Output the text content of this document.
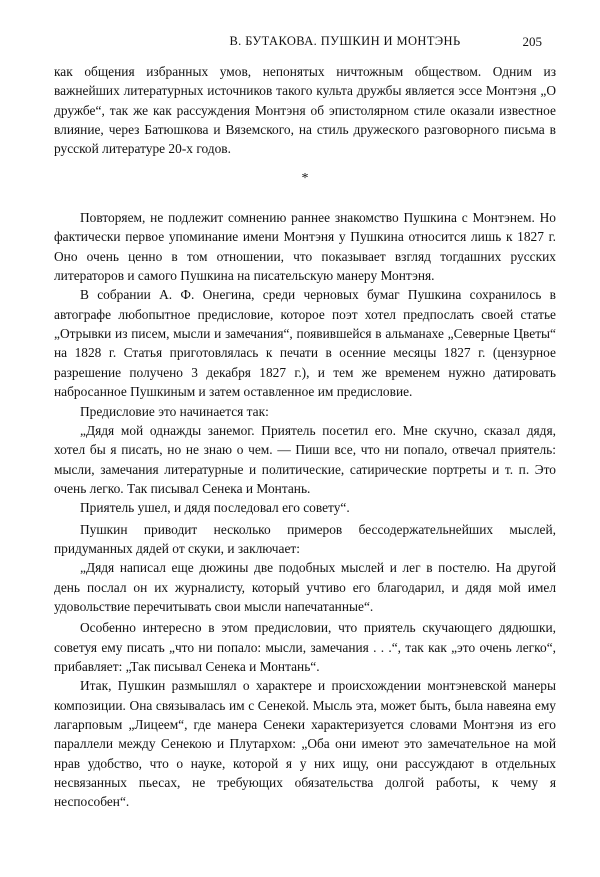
В. БУТАКОВА. ПУШКИН И МОНТЭНЬ	205

как общения избранных умов, непонятых ничтожным обществом. Одним из важнейших литературных источников такого культа дружбы является эссе Монтэня „О дружбе“, так же как рассуждения Монтэня об эпистолярном стиле оказали известное влияние, через Батюшкова и Вяземского, на стиль дружеского разговорного письма в русской литературе 20-х годов.

*

Повторяем, не подлежит сомнению раннее знакомство Пушкина с Монтэнем. Но фактически первое упоминание имени Монтэня у Пушкина относится лишь к 1827 г. Оно очень ценно в том отношении, что показывает взгляд тогдашних русских литераторов и самого Пушкина на писательскую манеру Монтэня.

В собрании А. Ф. Онегина, среди черновых бумаг Пушкина сохранилось в автографе любопытное предисловие, которое поэт хотел предпослать своей статье „Отрывки из писем, мысли и замечания“, появившейся в альманахе „Северные Цветы“ на 1828 г. Статья приготовлялась к печати в осенние месяцы 1827 г. (цензурное разрешение получено 3 декабря 1827 г.), и тем же временем нужно датировать набросанное Пушкиным и затем оставленное им предисловие.

Предисловие это начинается так:

„Дядя мой однажды занемог. Приятель посетил его. Мне скучно, сказал дядя, хотел бы я писать, но не знаю о чем. — Пиши все, что ни попало, отвечал приятель: мысли, замечания литературные и политические, сатирические портреты и т. п. Это очень легко. Так писывал Сенека и Монтань.

Приятель ушел, и дядя последовал его совету“.

Пушкин приводит несколько примеров бессодержательнейших мыслей, придуманных дядей от скуки, и заключает:

„Дядя написал еще дюжины две подобных мыслей и лег в постелю. На другой день послал он их журналисту, который учтиво его благодарил, и дядя мой имел удовольствие перечитывать свои мысли напечатанные“.

Особенно интересно в этом предисловии, что приятель скучающего дядюшки, советуя ему писать „что ни попало: мысли, замечания . . .“, так как „это очень легко“, прибавляет: „Так писывал Сенека и Монтань“.

Итак, Пушкин размышлял о характере и происхождении монтэневской манеры композиции. Она связывалась им с Сенекой. Мысль эта, может быть, была навеяна ему лагарповым „Лицеем“, где манера Сенеки характеризуется словами Монтэня из его параллели между Сенекою и Плутархом: „Оба они имеют это замечательное на мой нрав удобство, что о науке, которой я у них ищу, они рассуждают в отдельных несвязанных пьесах, не требующих обязательства долгой работы, к чему я неспособен“.
